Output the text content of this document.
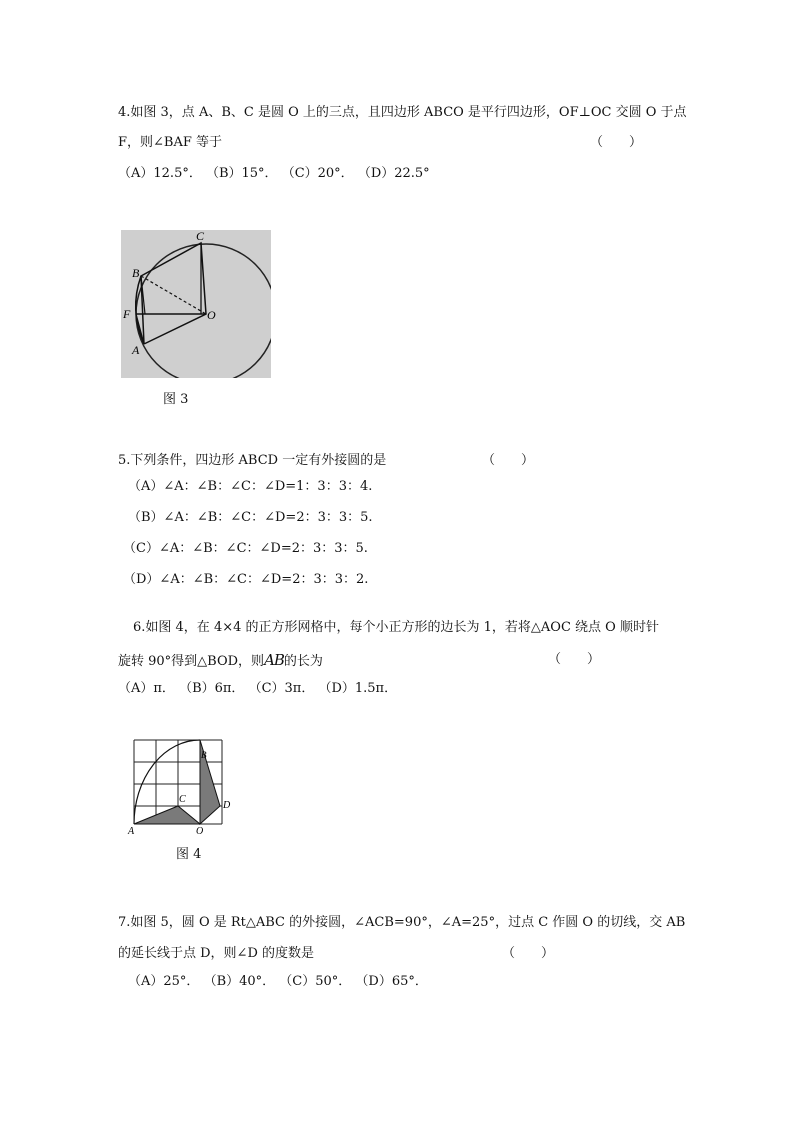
4.如图 3，点 A、B、C 是圆 O 上的三点，且四边形 ABCO 是平行四边形，OF⊥OC 交圆 O 于点
F，则∠BAF 等于	（　　）
（A）12.5°． （B）15°． （C）20°． （D）22.5°
C
B
F	O
A
图 3
5.下列条件，四边形 ABCD 一定有外接圆的是	（　　）
（A）∠A：∠B：∠C：∠D=1：3：3：4.
（B）∠A：∠B：∠C：∠D=2：3：3：5.
（C）∠A：∠B：∠C：∠D=2：3：3：5.
（D）∠A：∠B：∠C：∠D=2：3：3：2.
6.如图 4，在 4×4 的正方形网格中，每个小正方形的边长为 1，若将△AOC 绕点 O 顺时针
旋转 90°得到△BOD，则AB的长为	（　　）
（A）π． （B）6π． （C）3π． （D）1.5π．
B
C
D
A	O
图 4
7.如图 5，圆 O 是 Rt△ABC 的外接圆，∠ACB=90°，∠A=25°，过点 C 作圆 O 的切线，交 AB
的延长线于点 D，则∠D 的度数是	（　　）
（A）25°． （B）40°． （C）50°． （D）65°．
